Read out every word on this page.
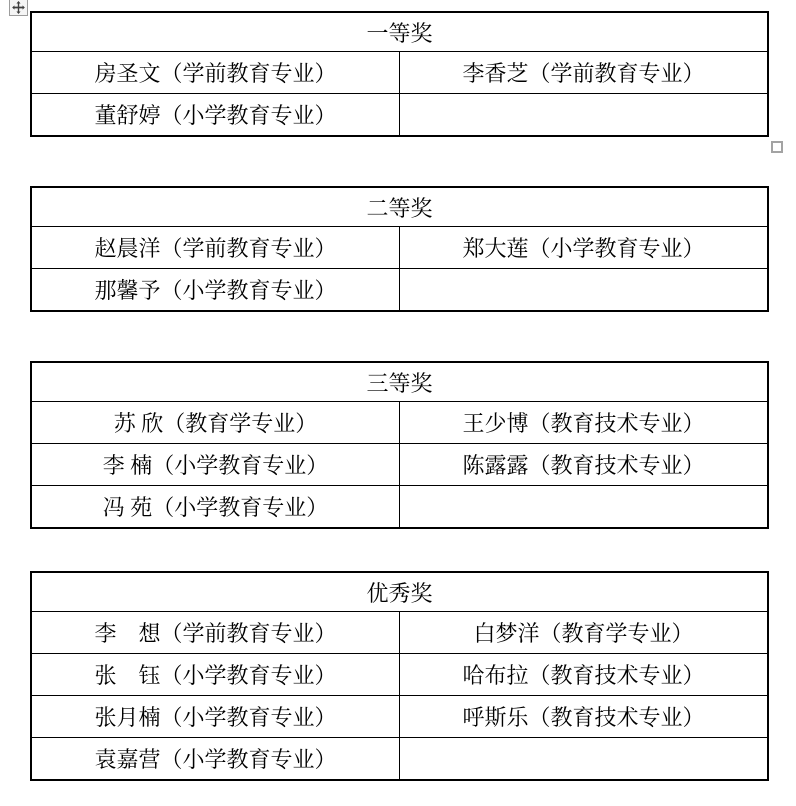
一等奖	
房圣文（学前教育专业）	李香芝（学前教育专业）
董舒婷（小学教育专业）	
二等奖	
赵晨洋（学前教育专业）	郑大莲（小学教育专业）
那馨予（小学教育专业）	
三等奖	
苏 欣（教育学专业）	王少博（教育技术专业）
李 楠（小学教育专业）	陈露露（教育技术专业）
冯 苑（小学教育专业）	
优秀奖	
李　想（学前教育专业）	白梦洋（教育学专业）
张　钰（小学教育专业）	哈布拉（教育技术专业）
张月楠（小学教育专业）	呼斯乐（教育技术专业）
袁嘉营（小学教育专业）	
